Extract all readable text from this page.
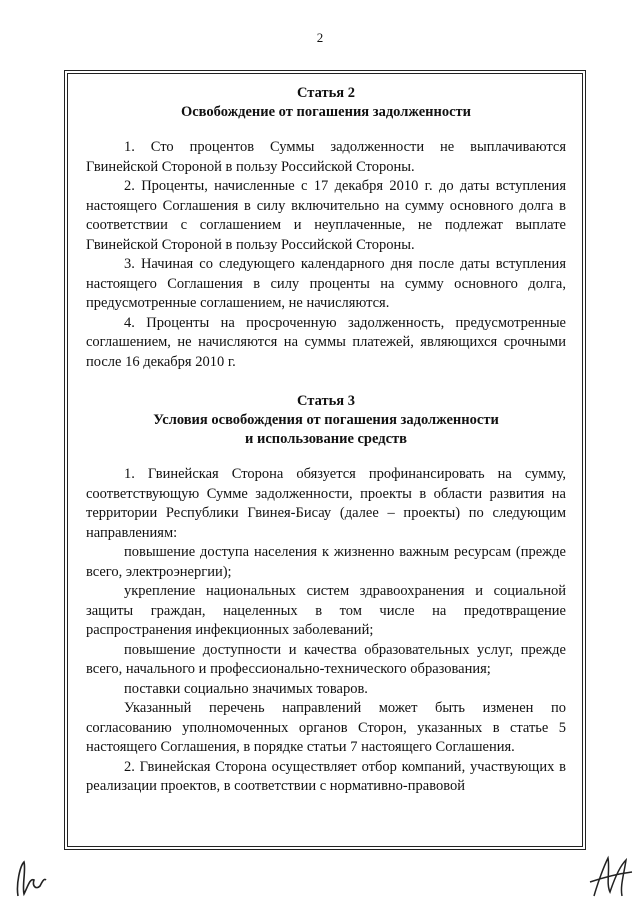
2
Статья 2
Освобождение от погашения задолженности

1. Сто процентов Суммы задолженности не выплачиваются Гвинейской Стороной в пользу Российской Стороны.

2. Проценты, начисленные с 17 декабря 2010 г. до даты вступления настоящего Соглашения в силу включительно на сумму основного долга в соответствии с соглашением и неуплаченные, не подлежат выплате Гвинейской Стороной в пользу Российской Стороны.

3. Начиная со следующего календарного дня после даты вступления настоящего Соглашения в силу проценты на сумму основного долга, предусмотренные соглашением, не начисляются.

4. Проценты на просроченную задолженность, предусмотренные соглашением, не начисляются на суммы платежей, являющихся срочными после 16 декабря 2010 г.

Статья 3
Условия освобождения от погашения задолженности
и использование средств

1. Гвинейская Сторона обязуется профинансировать на сумму, соответствующую Сумме задолженности, проекты в области развития на территории Республики Гвинея-Бисау (далее – проекты) по следующим направлениям:

повышение доступа населения к жизненно важным ресурсам (прежде всего, электроэнергии);

укрепление национальных систем здравоохранения и социальной защиты граждан, нацеленных в том числе на предотвращение распространения инфекционных заболеваний;

повышение доступности и качества образовательных услуг, прежде всего, начального и профессионально-технического образования;

поставки социально значимых товаров.

Указанный перечень направлений может быть изменен по согласованию уполномоченных органов Сторон, указанных в статье 5 настоящего Соглашения, в порядке статьи 7 настоящего Соглашения.

2. Гвинейская Сторона осуществляет отбор компаний, участвующих в реализации проектов, в соответствии с нормативно-правовой
